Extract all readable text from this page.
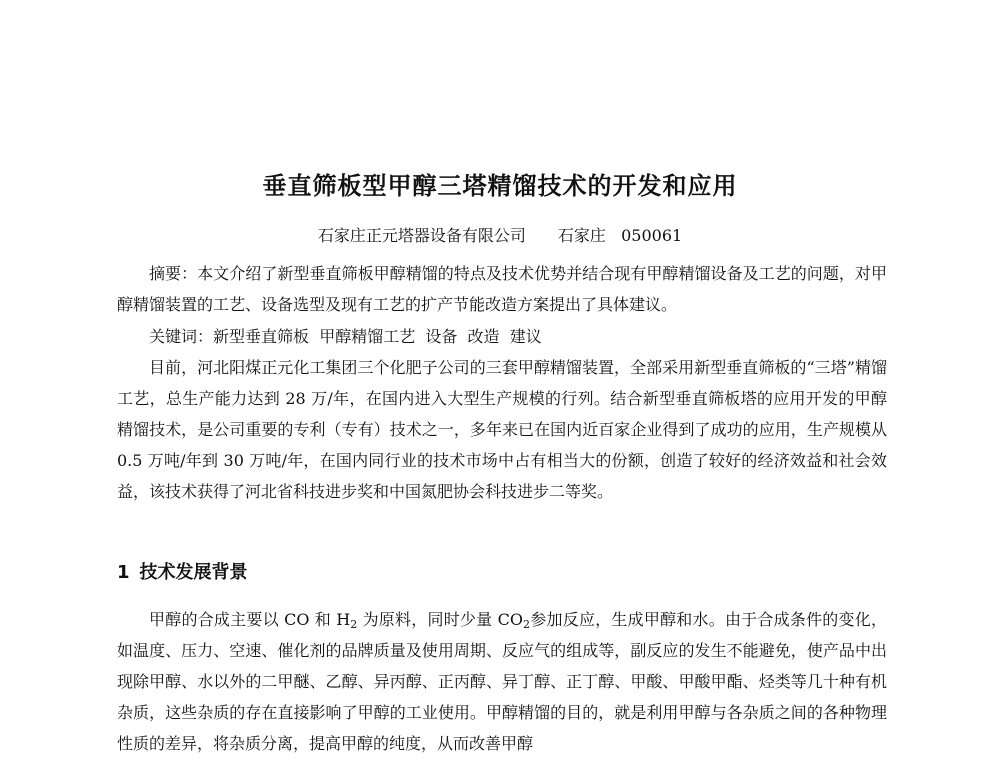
垂直筛板型甲醇三塔精馏技术的开发和应用
石家庄正元塔器设备有限公司 石家庄 050061

摘要：本文介绍了新型垂直筛板甲醇精馏的特点及技术优势并结合现有甲醇精馏设备及工艺的问题，对甲醇精馏装置的工艺、设备选型及现有工艺的扩产节能改造方案提出了具体建议。

关键词：新型垂直筛板  甲醇精馏工艺  设备  改造  建议

目前，河北阳煤正元化工集团三个化肥子公司的三套甲醇精馏装置，全部采用新型垂直筛板的“三塔”精馏工艺，总生产能力达到 28 万/年，在国内进入大型生产规模的行列。结合新型垂直筛板塔的应用开发的甲醇精馏技术，是公司重要的专利（专有）技术之一，多年来已在国内近百家企业得到了成功的应用，生产规模从 0.5 万吨/年到 30 万吨/年，在国内同行业的技术市场中占有相当大的份额，创造了较好的经济效益和社会效益，该技术获得了河北省科技进步奖和中国氮肥协会科技进步二等奖。

1 技术发展背景

甲醇的合成主要以 CO 和 $H_2$ 为原料，同时少量 $CO_2$参加反应，生成甲醇和水。由于合成条件的变化，如温度、压力、空速、催化剂的品牌质量及使用周期、反应气的组成等，副反应的发生不能避免，使产品中出现除甲醇、水以外的二甲醚、乙醇、异丙醇、正丙醇、异丁醇、正丁醇、甲酸、甲酸甲酯、烃类等几十种有机杂质，这些杂质的存在直接影响了甲醇的工业使用。甲醇精馏的目的，就是利用甲醇与各杂质之间的各种物理性质的差异，将杂质分离，提高甲醇的纯度，从而改善甲醇
